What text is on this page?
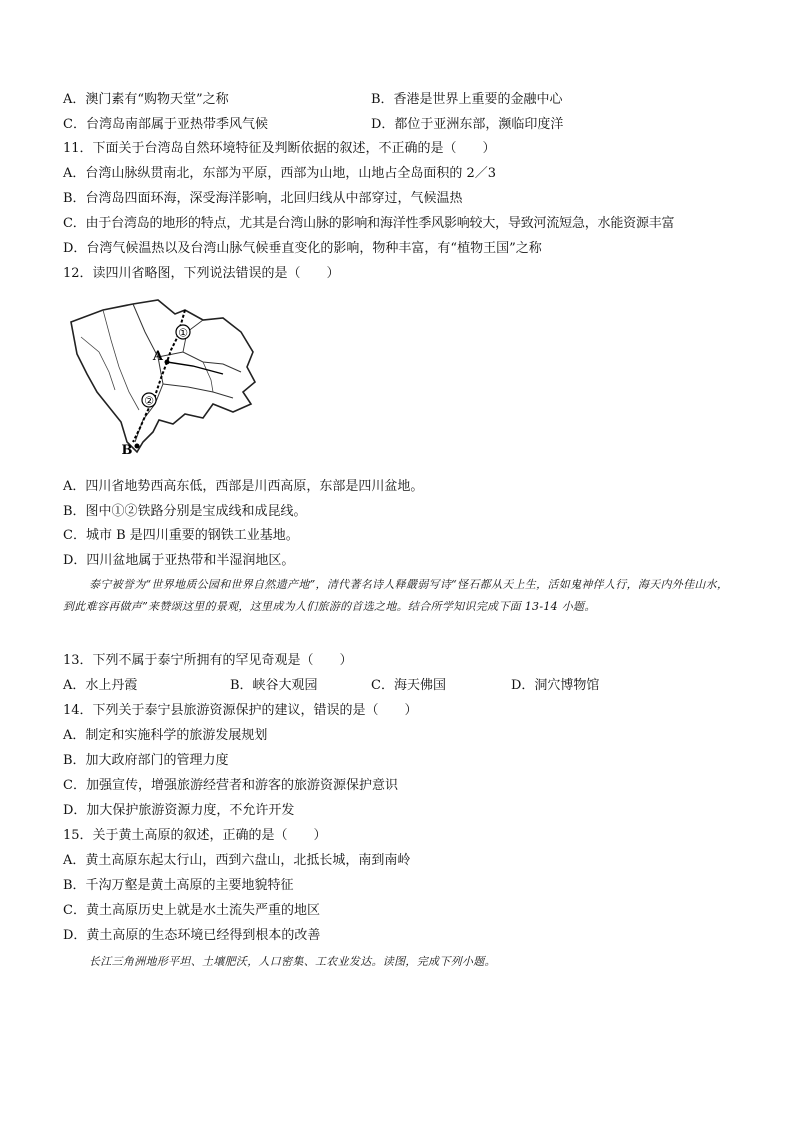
A．澳门素有“购物天堂”之称	B．香港是世界上重要的金融中心
C．台湾岛南部属于亚热带季风气候	D．都位于亚洲东部，濒临印度洋
11．下面关于台湾岛自然环境特征及判断依据的叙述，不正确的是（　　）
A．台湾山脉纵贯南北，东部为平原，西部为山地，山地占全岛面积的 2／3
B．台湾岛四面环海，深受海洋影响，北回归线从中部穿过，气候温热
C．由于台湾岛的地形的特点，尤其是台湾山脉的影响和海洋性季风影响较大，导致河流短急，水能资源丰富
D．台湾气候温热以及台湾山脉气候垂直变化的影响，物种丰富，有“植物王国”之称
12．读四川省略图，下列说法错误的是（　　）
①
②
A
B
A．四川省地势西高东低，西部是川西高原，东部是四川盆地。
B．图中①②铁路分别是宝成线和成昆线。
C．城市 B 是四川重要的钢铁工业基地。
D．四川盆地属于亚热带和半湿润地区。
泰宁被誉为“世界地质公园和世界自然遗产地”，清代著名诗人释嚴弱写诗“怪石都从天上生，活如鬼神伴人行，海天内外佳山水，到此难容再做声”来赞颂这里的景观，这里成为人们旅游的首选之地。结合所学知识完成下面 13-14 小题。
13．下列不属于泰宁所拥有的罕见奇观是（　　）
A．水上丹霞	B．峡谷大观园	C．海天佛国	D．洞穴博物馆
14．下列关于泰宁县旅游资源保护的建议，错误的是（　　）
A．制定和实施科学的旅游发展规划
B．加大政府部门的管理力度
C．加强宣传，增强旅游经营者和游客的旅游资源保护意识
D．加大保护旅游资源力度，不允许开发
15．关于黄土高原的叙述，正确的是（　　）
A．黄土高原东起太行山，西到六盘山，北抵长城，南到南岭
B．千沟万壑是黄土高原的主要地貌特征
C．黄土高原历史上就是水土流失严重的地区
D．黄土高原的生态环境已经得到根本的改善
长江三角洲地形平坦、土壤肥沃，人口密集、工农业发达。读图，完成下列小题。
